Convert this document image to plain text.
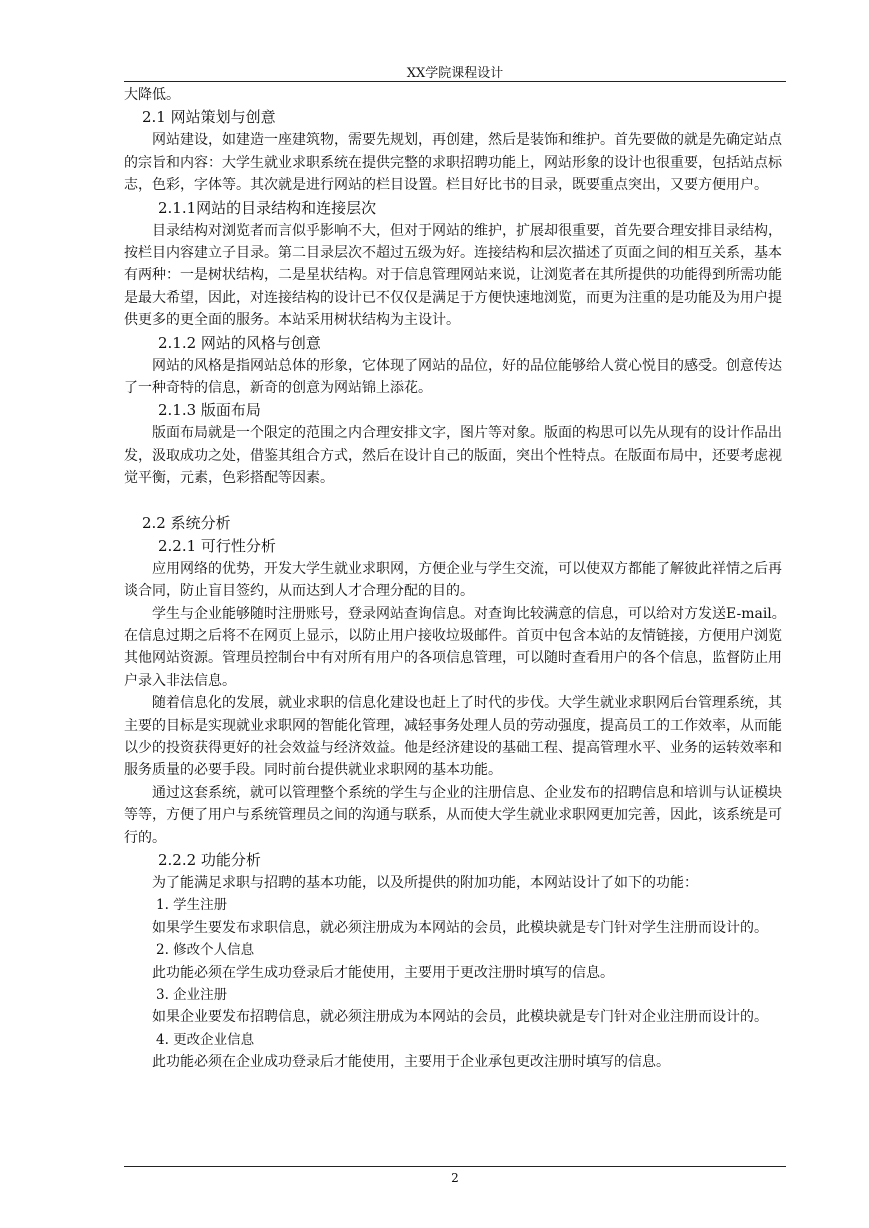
XX学院课程设计

大降低。

2.1 网站策划与创意

网站建设，如建造一座建筑物，需要先规划，再创建，然后是装饰和维护。首先要做的就是先确定站点的宗旨和内容：大学生就业求职系统在提供完整的求职招聘功能上，网站形象的设计也很重要，包括站点标志，色彩，字体等。其次就是进行网站的栏目设置。栏目好比书的目录，既要重点突出，又要方便用户。

2.1.1网站的目录结构和连接层次

目录结构对浏览者而言似乎影响不大，但对于网站的维护，扩展却很重要，首先要合理安排目录结构，按栏目内容建立子目录。第二目录层次不超过五级为好。连接结构和层次描述了页面之间的相互关系，基本有两种：一是树状结构，二是星状结构。对于信息管理网站来说，让浏览者在其所提供的功能得到所需功能是最大希望，因此，对连接结构的设计已不仅仅是满足于方便快速地浏览，而更为注重的是功能及为用户提供更多的更全面的服务。本站采用树状结构为主设计。

2.1.2 网站的风格与创意

网站的风格是指网站总体的形象，它体现了网站的品位，好的品位能够给人赏心悦目的感受。创意传达了一种奇特的信息，新奇的创意为网站锦上添花。

2.1.3 版面布局

版面布局就是一个限定的范围之内合理安排文字，图片等对象。版面的构思可以先从现有的设计作品出发，汲取成功之处，借鉴其组合方式，然后在设计自己的版面，突出个性特点。在版面布局中，还要考虑视觉平衡，元素，色彩搭配等因素。

2.2 系统分析

2.2.1 可行性分析

应用网络的优势，开发大学生就业求职网，方便企业与学生交流，可以使双方都能了解彼此祥情之后再谈合同，防止盲目签约，从而达到人才合理分配的目的。

学生与企业能够随时注册账号，登录网站查询信息。对查询比较满意的信息，可以给对方发送E-mail。在信息过期之后将不在网页上显示，以防止用户接收垃圾邮件。首页中包含本站的友情链接，方便用户浏览其他网站资源。管理员控制台中有对所有用户的各项信息管理，可以随时查看用户的各个信息，监督防止用户录入非法信息。

随着信息化的发展，就业求职的信息化建设也赶上了时代的步伐。大学生就业求职网后台管理系统，其主要的目标是实现就业求职网的智能化管理，减轻事务处理人员的劳动强度，提高员工的工作效率，从而能以少的投资获得更好的社会效益与经济效益。他是经济建设的基础工程、提高管理水平、业务的运转效率和服务质量的必要手段。同时前台提供就业求职网的基本功能。

通过这套系统，就可以管理整个系统的学生与企业的注册信息、企业发布的招聘信息和培训与认证模块等等，方便了用户与系统管理员之间的沟通与联系，从而使大学生就业求职网更加完善，因此，该系统是可行的。

2.2.2 功能分析

为了能满足求职与招聘的基本功能，以及所提供的附加功能，本网站设计了如下的功能：

1. 学生注册

如果学生要发布求职信息，就必须注册成为本网站的会员，此模块就是专门针对学生注册而设计的。

2. 修改个人信息

此功能必须在学生成功登录后才能使用，主要用于更改注册时填写的信息。

3. 企业注册

如果企业要发布招聘信息，就必须注册成为本网站的会员，此模块就是专门针对企业注册而设计的。

4. 更改企业信息

此功能必须在企业成功登录后才能使用，主要用于企业承包更改注册时填写的信息。

2
